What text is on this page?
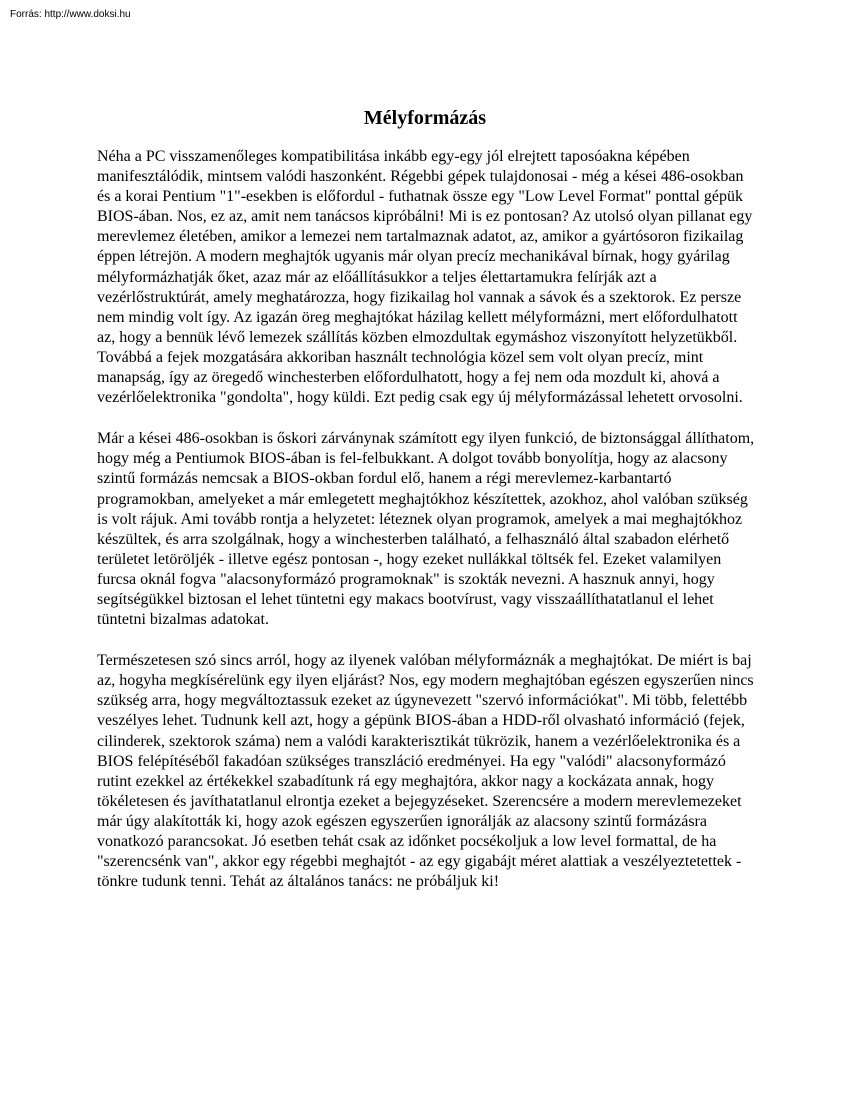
Forrás: http://www.doksi.hu
Mélyformázás

Néha a PC visszamenőleges kompatibilitása inkább egy-egy jól elrejtett taposóakna képében manifesztálódik, mintsem valódi haszonként. Régebbi gépek tulajdonosai - még a kései 486-osokban és a korai Pentium "1"-esekben is előfordul - futhatnak össze egy "Low Level Format" ponttal gépük BIOS-ában. Nos, ez az, amit nem tanácsos kipróbálni! Mi is ez pontosan? Az utolsó olyan pillanat egy merevlemez életében, amikor a lemezei nem tartalmaznak adatot, az, amikor a gyártósoron fizikailag éppen létrejön. A modern meghajtók ugyanis már olyan precíz mechanikával bírnak, hogy gyárilag mélyformázhatják őket, azaz már az előállításukkor a teljes élettartamukra felírják azt a vezérlőstruktúrát, amely meghatározza, hogy fizikailag hol vannak a sávok és a szektorok. Ez persze nem mindig volt így. Az igazán öreg meghajtókat házilag kellett mélyformázni, mert előfordulhatott az, hogy a bennük lévő lemezek szállítás közben elmozdultak egymáshoz viszonyított helyzetükből. Továbbá a fejek mozgatására akkoriban használt technológia közel sem volt olyan precíz, mint manapság, így az öregedő winchesterben előfordulhatott, hogy a fej nem oda mozdult ki, ahová a vezérlőelektronika "gondolta", hogy küldi. Ezt pedig csak egy új mélyformázással lehetett orvosolni.

Már a kései 486-osokban is őskori zárványnak számított egy ilyen funkció, de biztonsággal állíthatom, hogy még a Pentiumok BIOS-ában is fel-felbukkant. A dolgot tovább bonyolítja, hogy az alacsony szintű formázás nemcsak a BIOS-okban fordul elő, hanem a régi merevlemez-karbantartó programokban, amelyeket a már emlegetett meghajtókhoz készítettek, azokhoz, ahol valóban szükség is volt rájuk. Ami tovább rontja a helyzetet: léteznek olyan programok, amelyek a mai meghajtókhoz készültek, és arra szolgálnak, hogy a winchesterben található, a felhasználó által szabadon elérhető területet letöröljék - illetve egész pontosan -, hogy ezeket nullákkal töltsék fel. Ezeket valamilyen furcsa oknál fogva "alacsonyformázó programoknak" is szokták nevezni. A hasznuk annyi, hogy segítségükkel biztosan el lehet tüntetni egy makacs bootvírust, vagy visszaállíthatatlanul el lehet tüntetni bizalmas adatokat.

Természetesen szó sincs arról, hogy az ilyenek valóban mélyformáznák a meghajtókat. De miért is baj az, hogyha megkísérelünk egy ilyen eljárást? Nos, egy modern meghajtóban egészen egyszerűen nincs szükség arra, hogy megváltoztassuk ezeket az úgynevezett "szervó információkat". Mi több, felettébb veszélyes lehet. Tudnunk kell azt, hogy a gépünk BIOS-ában a HDD-ről olvasható információ (fejek, cilinderek, szektorok száma) nem a valódi karakterisztikát tükrözik, hanem a vezérlőelektronika és a BIOS felépítéséből fakadóan szükséges transzláció eredményei. Ha egy "valódi" alacsonyformázó rutint ezekkel az értékekkel szabadítunk rá egy meghajtóra, akkor nagy a kockázata annak, hogy tökéletesen és javíthatatlanul elrontja ezeket a bejegyzéseket. Szerencsére a modern merevlemezeket már úgy alakították ki, hogy azok egészen egyszerűen ignorálják az alacsony szintű formázásra vonatkozó parancsokat. Jó esetben tehát csak az időnket pocsékoljuk a low level formattal, de ha "szerencsénk van", akkor egy régebbi meghajtót - az egy gigabájt méret alattiak a veszélyeztetettek - tönkre tudunk tenni. Tehát az általános tanács: ne próbáljuk ki!
